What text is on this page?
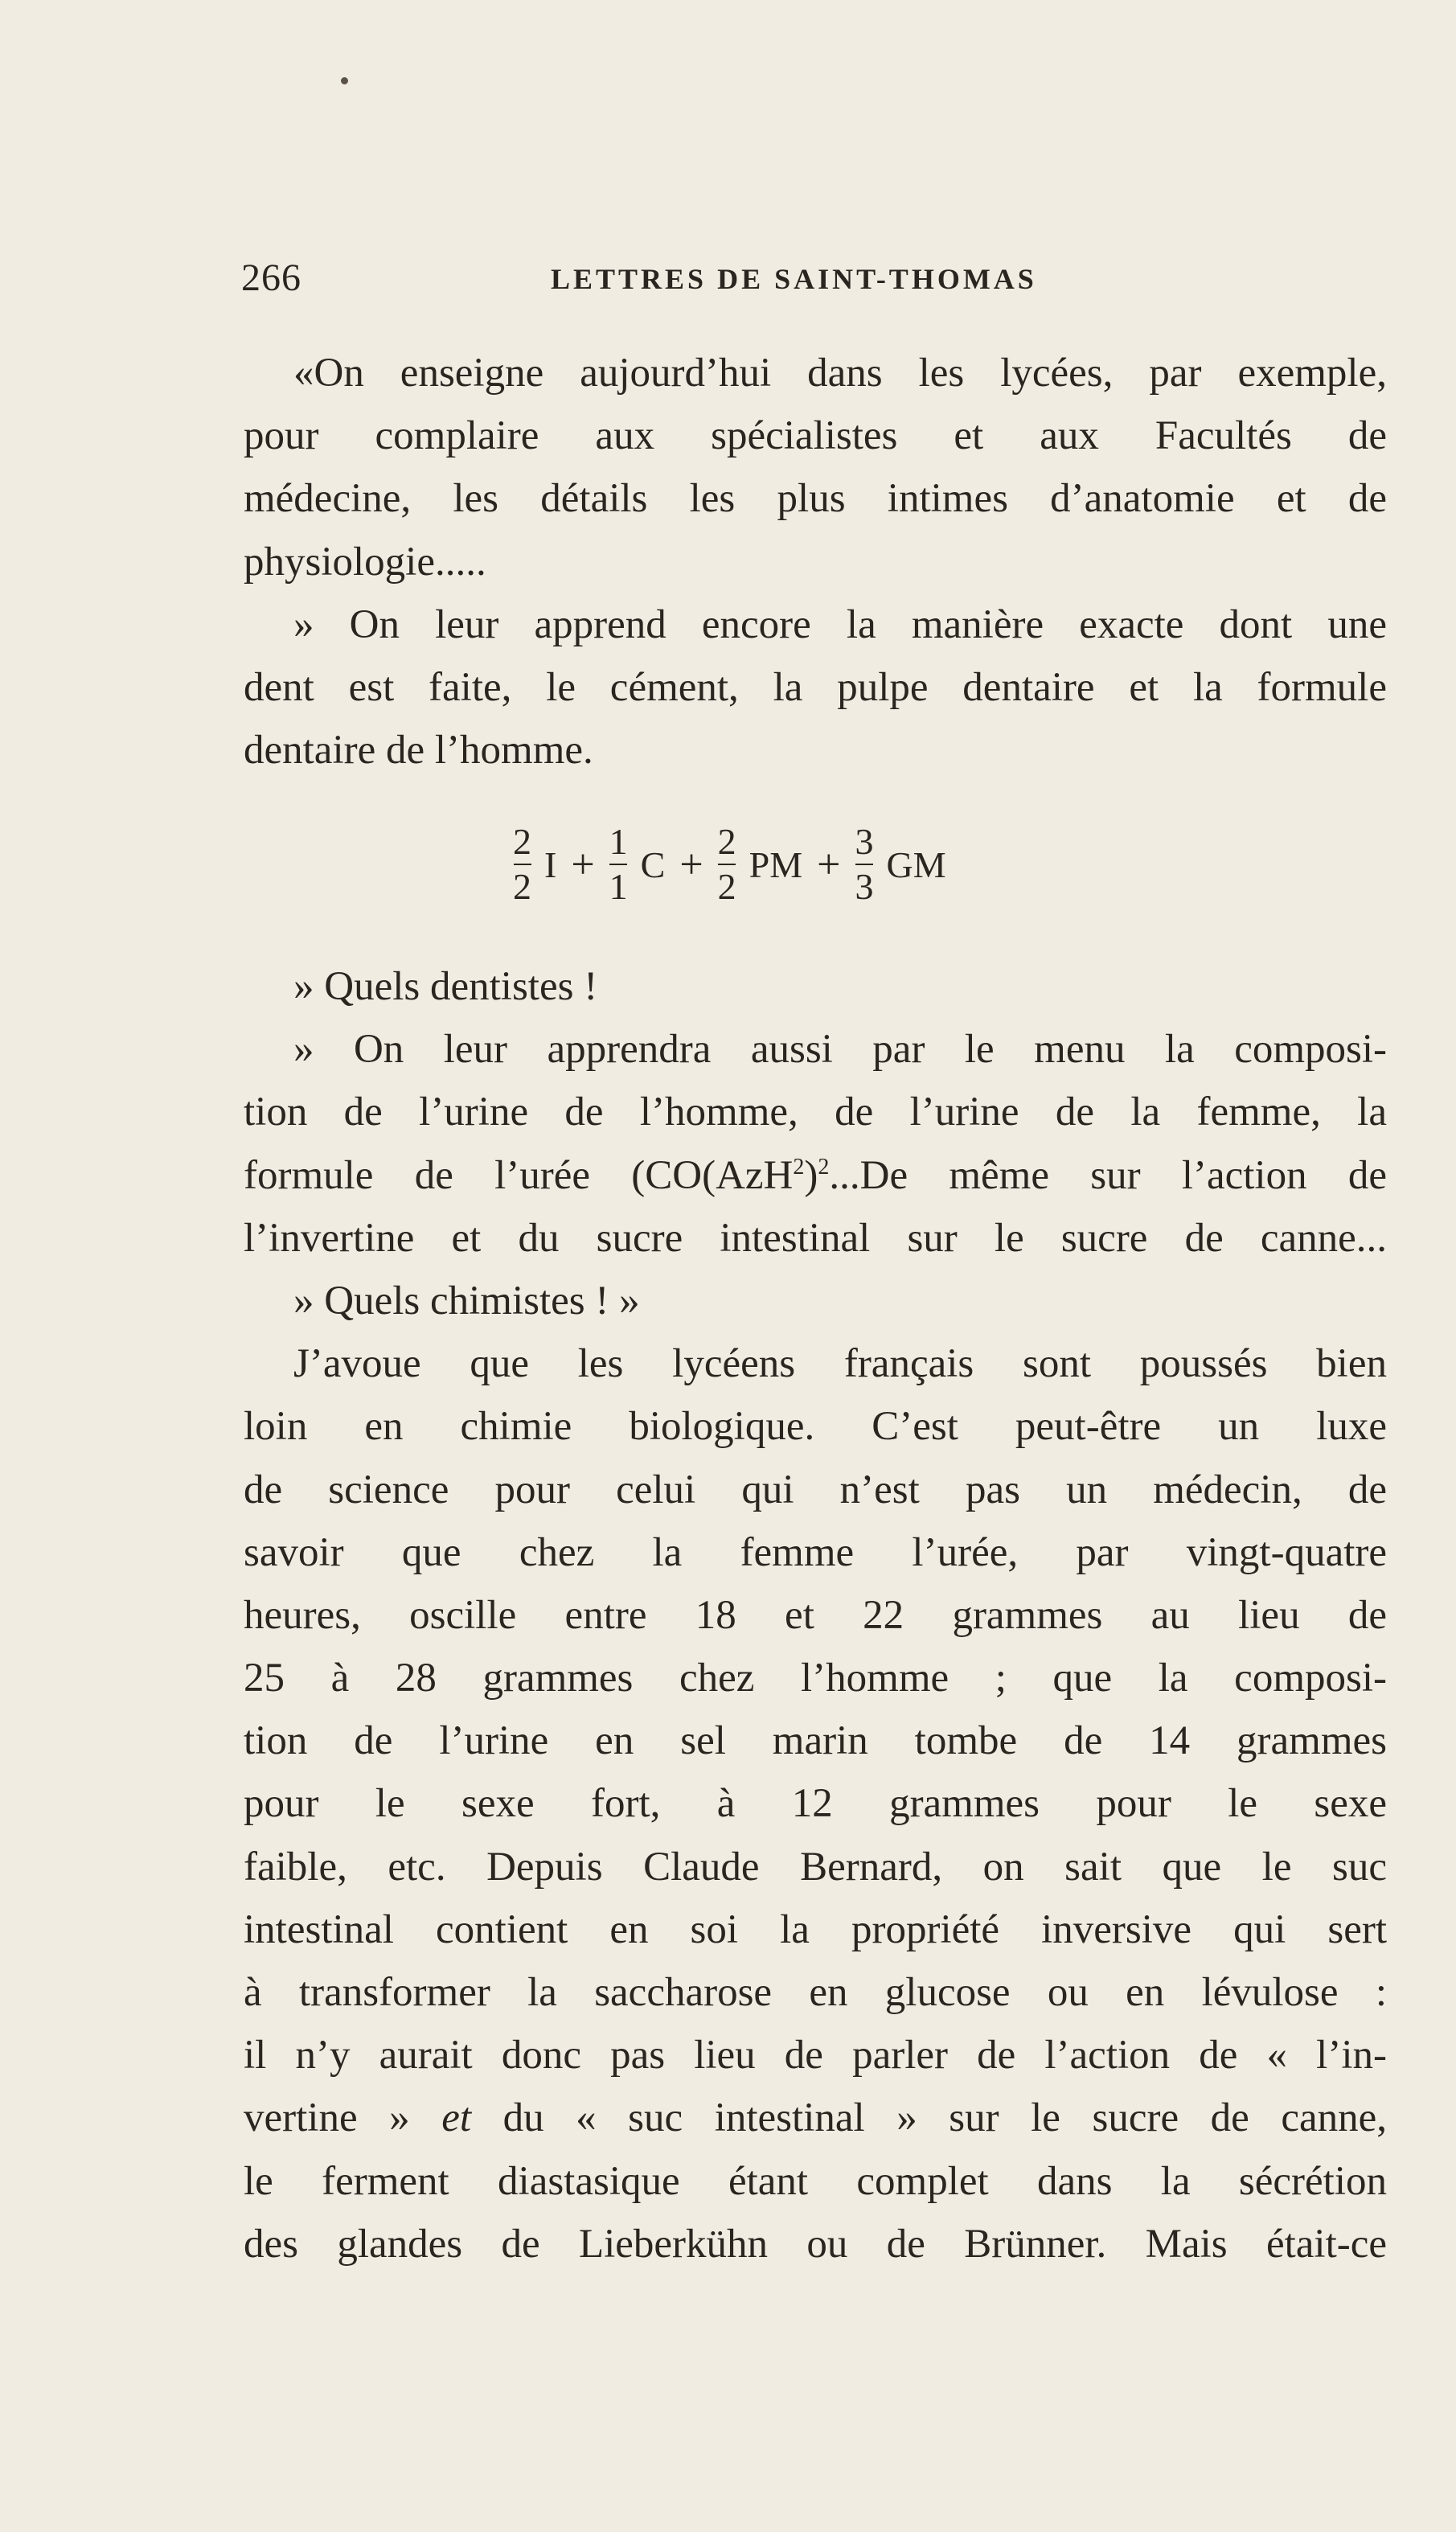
266	LETTRES DE SAINT-THOMAS
«On enseigne aujourd’hui dans les lycées, par exemple,
pour complaire aux spécialistes et aux Facultés de
médecine, les détails les plus intimes d’anatomie et de
physiologie.....
» On leur apprend encore la manière exacte dont une
dent est faite, le cément, la pulpe dentaire et la formule
dentaire de l’homme.
$\frac{2}{2}$ $I + \frac{1}{1}$ $C + \frac{2}{2}$ PM + $\frac{3}{3}$ GM
» Quels dentistes !
» On leur apprendra aussi par le menu la composi-
tion de l’urine de l’homme, de l’urine de la femme, la
formule de l’urée ($CO(AzH^2)^2...De$ même sur l’action de
l’invertine et du sucre intestinal sur le sucre de canne...
» Quels chimistes ! »
J’avoue que les lycéens français sont poussés bien
loin en chimie biologique. C’est peut-être un luxe
de science pour celui qui n’est pas un médecin, de
savoir que chez la femme l’urée, par vingt-quatre
heures, oscille entre 18 et 22 grammes au lieu de
25 à 28 grammes chez l’homme ; que la composi-
tion de l’urine en sel marin tombe de 14 grammes
pour le sexe fort, à 12 grammes pour le sexe
faible, etc. Depuis Claude Bernard, on sait que le suc
intestinal contient en soi la propriété inversive qui sert
à transformer la saccharose en glucose ou en lévulose :
il n’y aurait donc pas lieu de parler de l’action de « l’in-
vertine » et du « suc intestinal » sur le sucre de canne,
le ferment diastasique étant complet dans la sécrétion
des glandes de Lieberkühn ou de Brünner. Mais était-ce
